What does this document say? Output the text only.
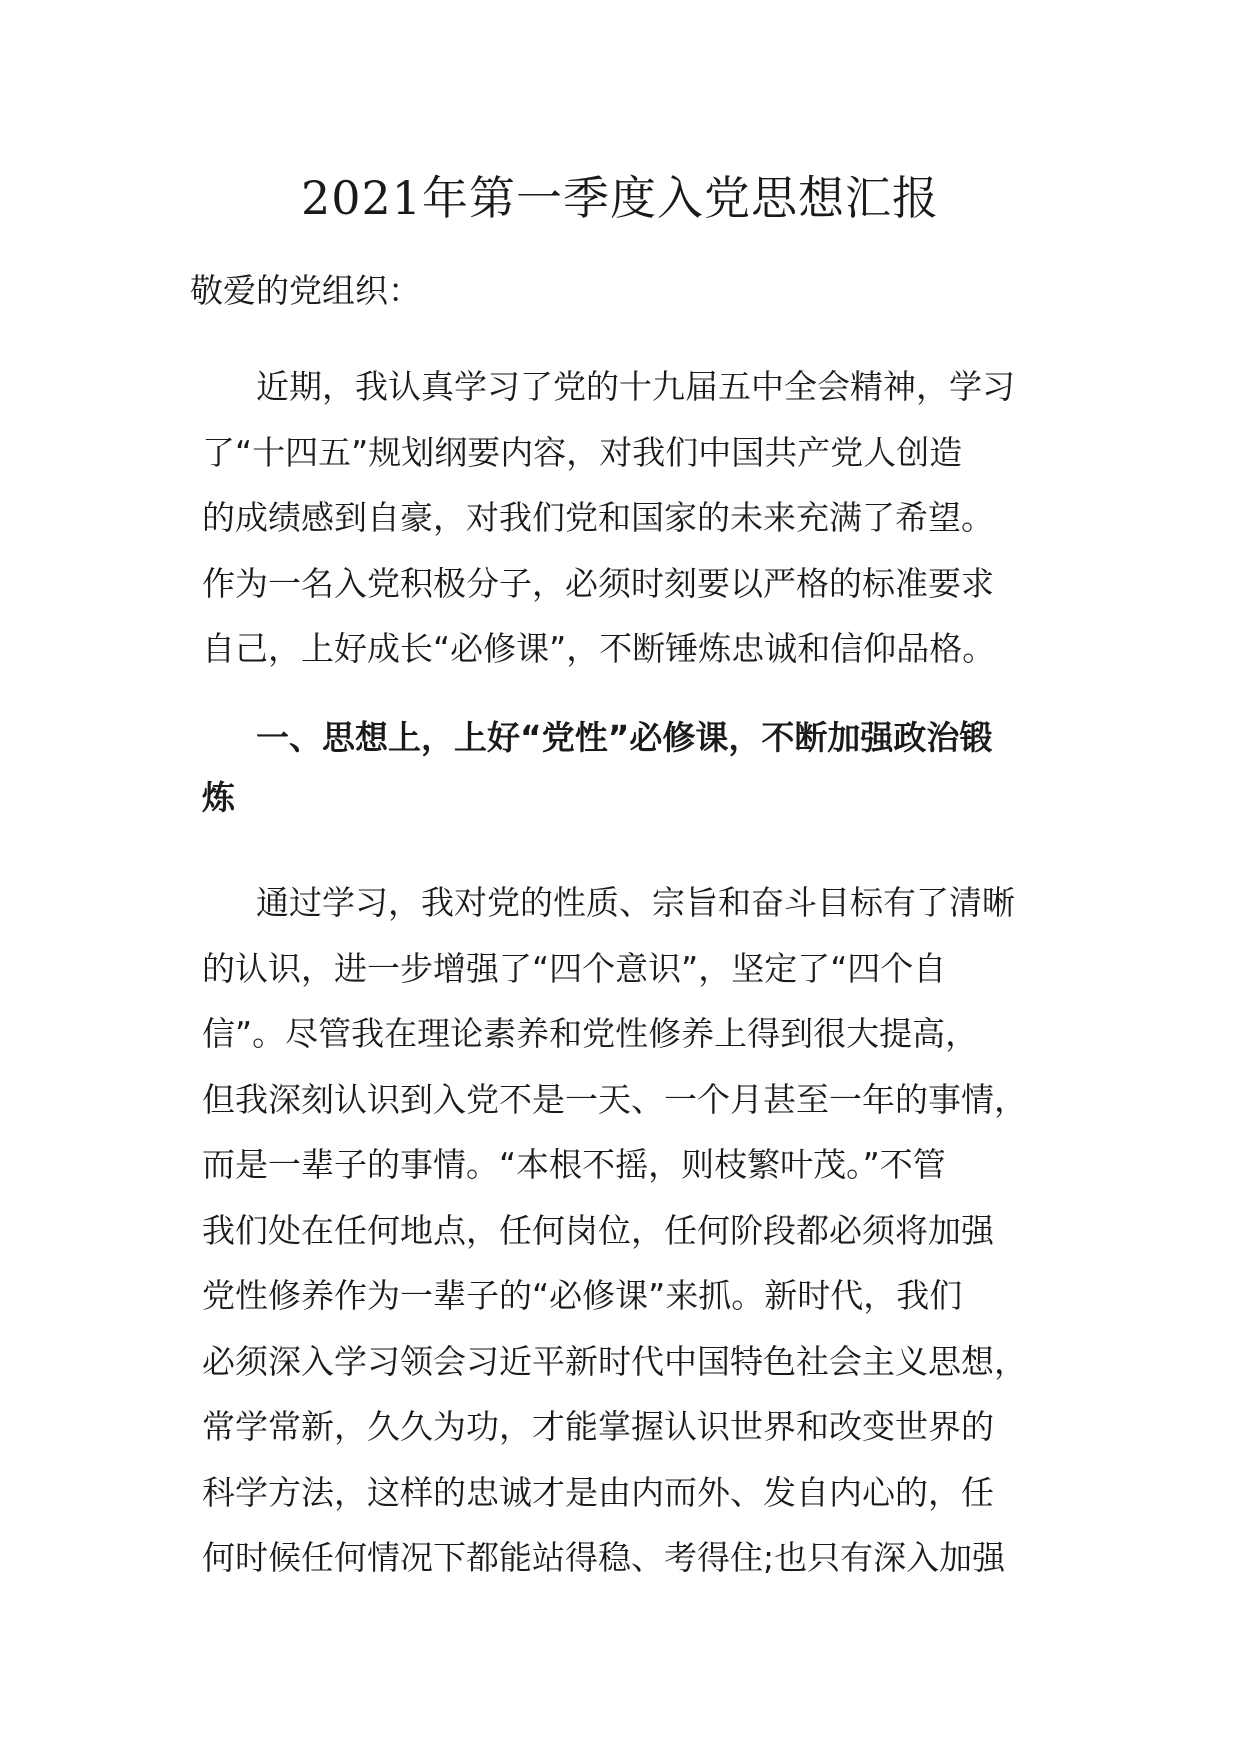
2021年第一季度入党思想汇报

敬爱的党组织：

近期，我认真学习了党的十九届五中全会精神，学习
了“十四五”规划纲要内容，对我们中国共产党人创造
的成绩感到自豪，对我们党和国家的未来充满了希望。
作为一名入党积极分子，必须时刻要以严格的标准要求
自己，上好成长“必修课”，不断锤炼忠诚和信仰品格。
一、思想上，上好“党性”必修课，不断加强政治锻
炼
通过学习，我对党的性质、宗旨和奋斗目标有了清晰
的认识，进一步增强了“四个意识”，坚定了“四个自
信”。尽管我在理论素养和党性修养上得到很大提高，
但我深刻认识到入党不是一天、一个月甚至一年的事情，
而是一辈子的事情。“本根不摇，则枝繁叶茂。”不管
我们处在任何地点，任何岗位，任何阶段都必须将加强
党性修养作为一辈子的“必修课”来抓。新时代，我们
必须深入学习领会习近平新时代中国特色社会主义思想，
常学常新，久久为功，才能掌握认识世界和改变世界的
科学方法，这样的忠诚才是由内而外、发自内心的，任
何时候任何情况下都能站得稳、考得住;也只有深入加强
